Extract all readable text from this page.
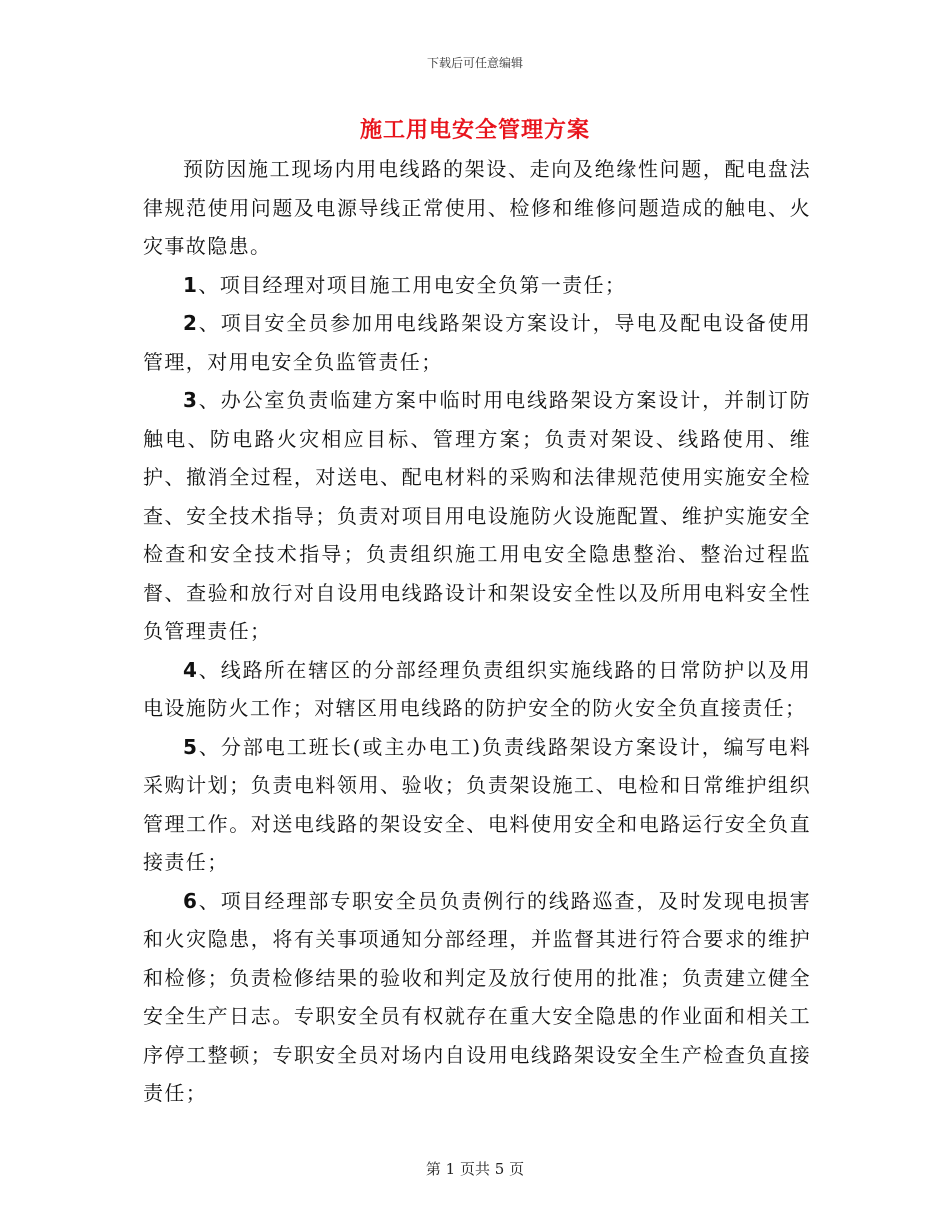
下载后可任意编辑
施工用电安全管理方案

预防因施工现场内用电线路的架设、走向及绝缘性问题，配电盘法律规范使用问题及电源导线正常使用、检修和维修问题造成的触电、火灾事故隐患。

1、项目经理对项目施工用电安全负第一责任；

2、项目安全员参加用电线路架设方案设计，导电及配电设备使用管理，对用电安全负监管责任；

3、办公室负责临建方案中临时用电线路架设方案设计，并制订防触电、防电路火灾相应目标、管理方案；负责对架设、线路使用、维护、撤消全过程，对送电、配电材料的采购和法律规范使用实施安全检查、安全技术指导；负责对项目用电设施防火设施配置、维护实施安全检查和安全技术指导；负责组织施工用电安全隐患整治、整治过程监督、查验和放行对自设用电线路设计和架设安全性以及所用电料安全性负管理责任；

4、线路所在辖区的分部经理负责组织实施线路的日常防护以及用电设施防火工作；对辖区用电线路的防护安全的防火安全负直接责任；

5、分部电工班长(或主办电工)负责线路架设方案设计，编写电料采购计划；负责电料领用、验收；负责架设施工、电检和日常维护组织管理工作。对送电线路的架设安全、电料使用安全和电路运行安全负直接责任；

6、项目经理部专职安全员负责例行的线路巡查，及时发现电损害和火灾隐患，将有关事项通知分部经理，并监督其进行符合要求的维护和检修；负责检修结果的验收和判定及放行使用的批准；负责建立健全安全生产日志。专职安全员有权就存在重大安全隐患的作业面和相关工序停工整顿；专职安全员对场内自设用电线路架设安全生产检查负直接责任；

第 1 页共 5 页
